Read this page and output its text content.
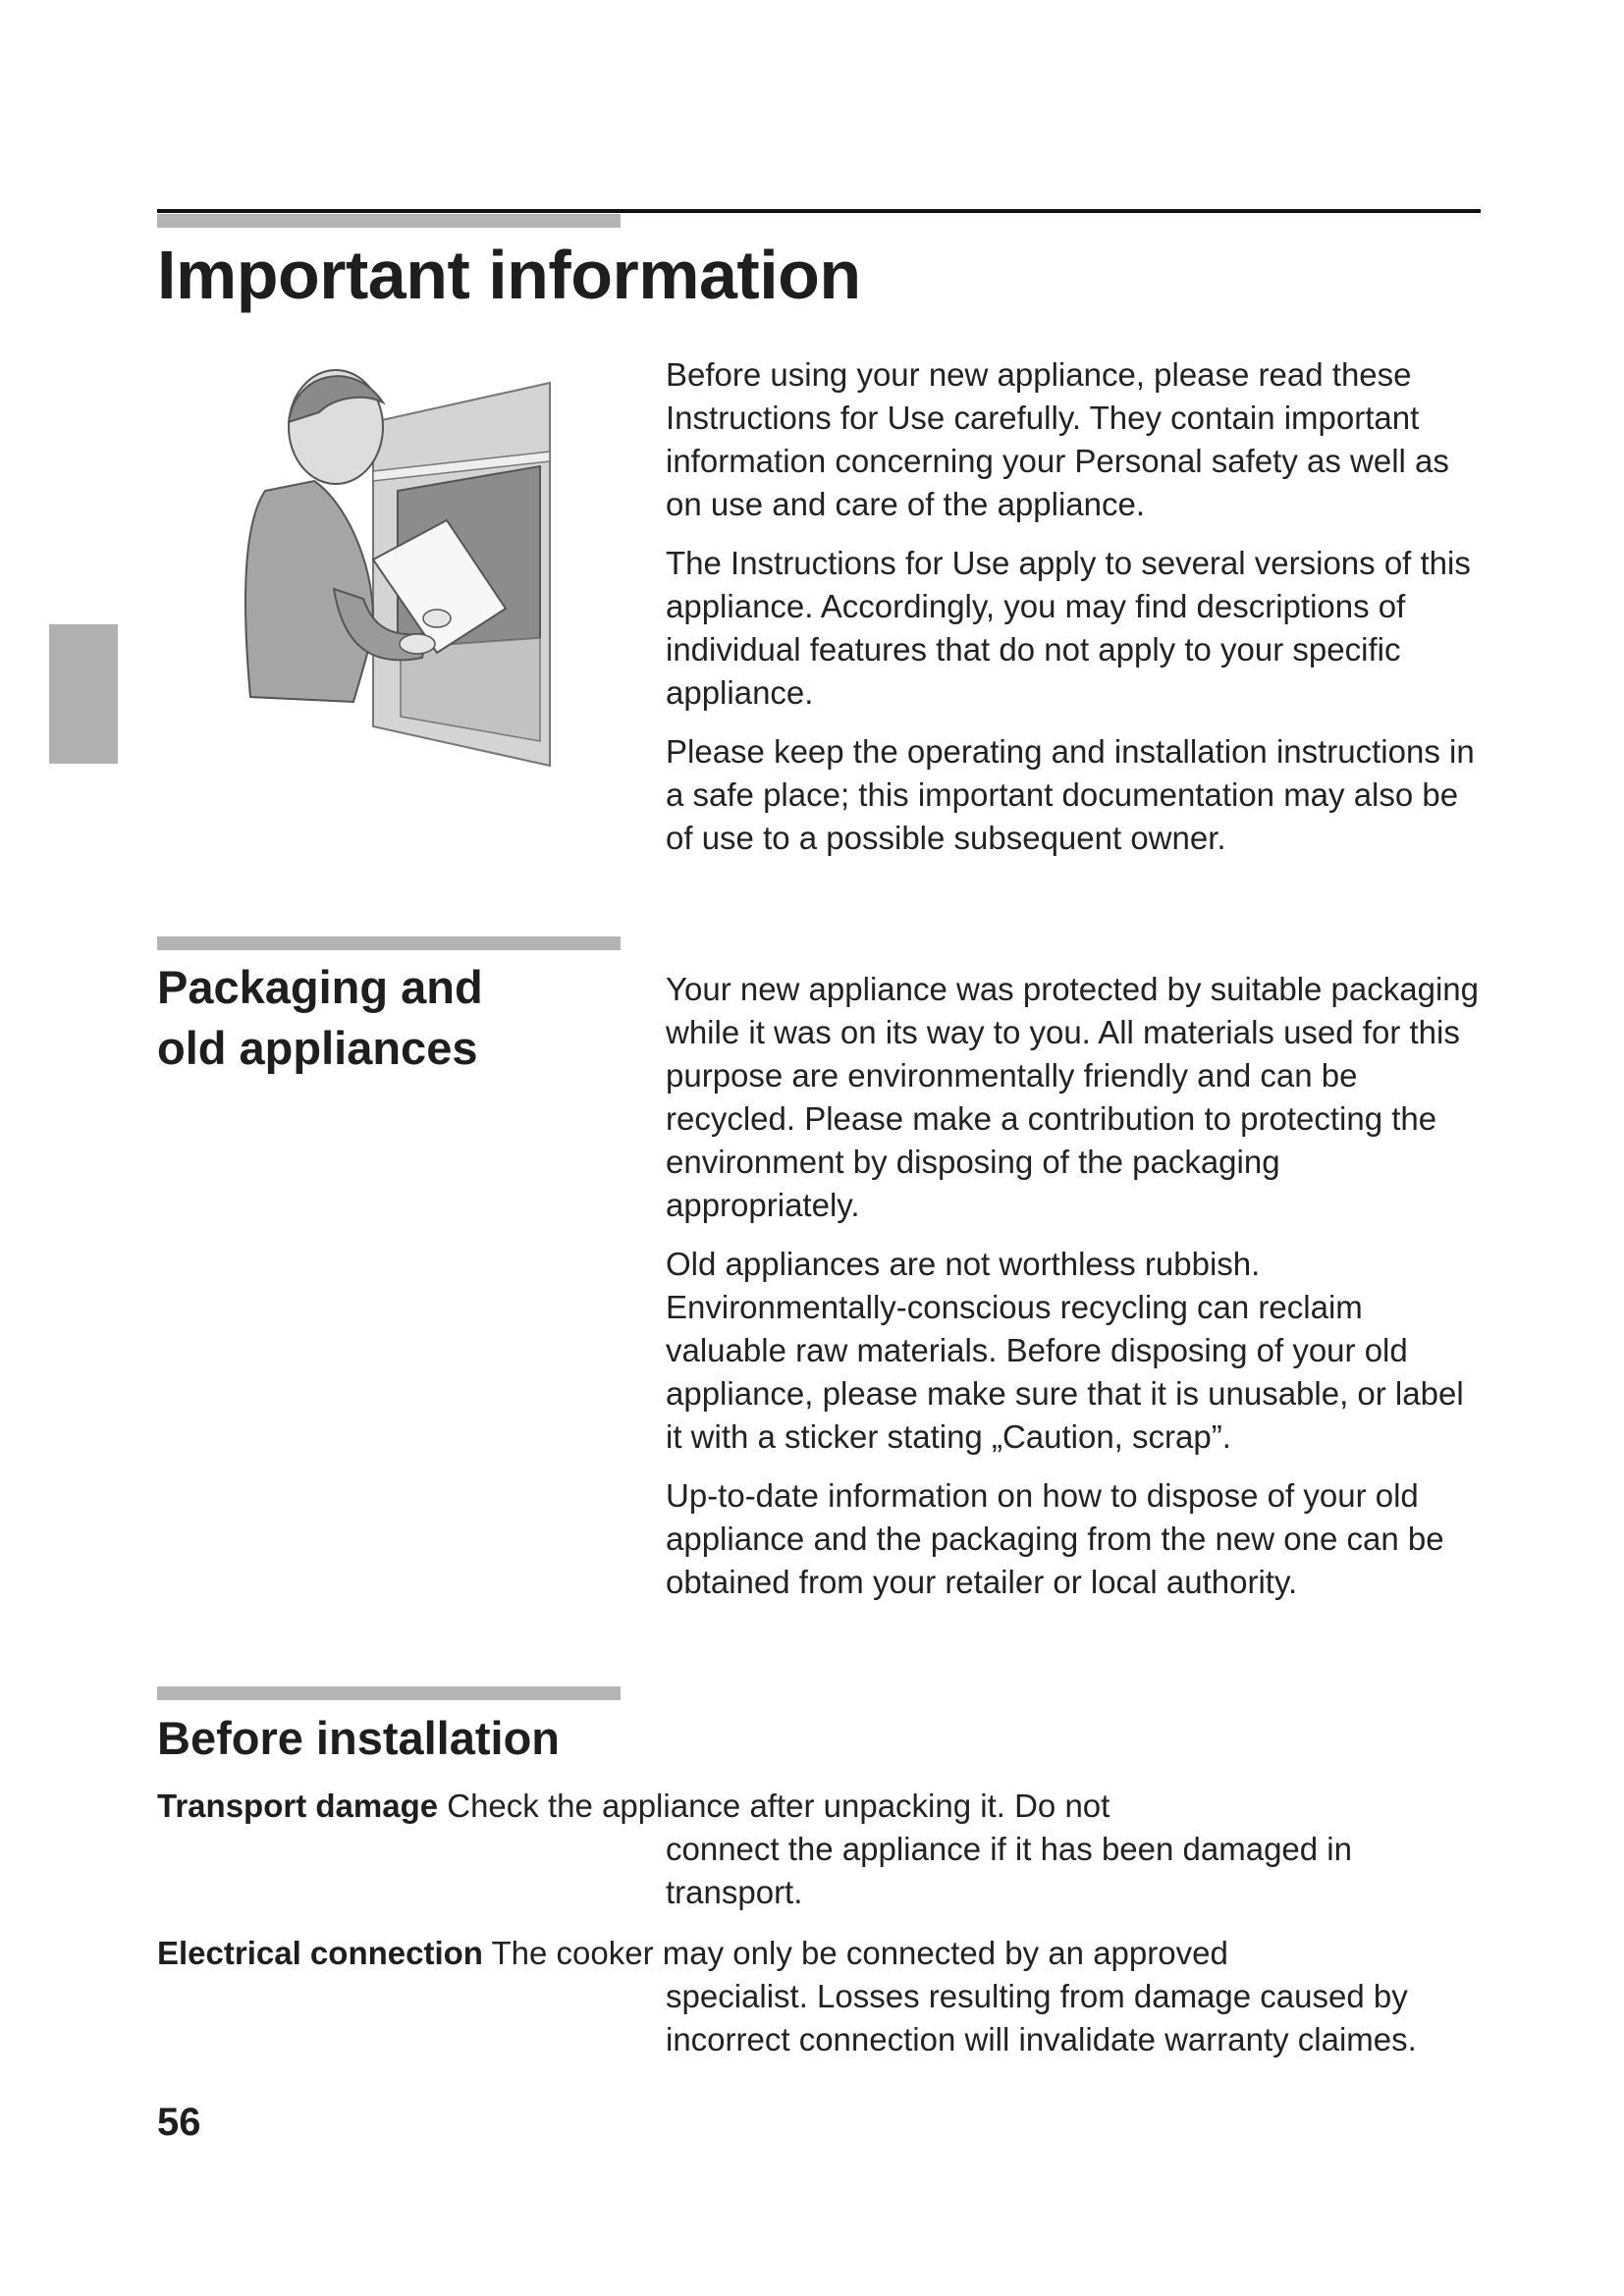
Important information

Before using your new appliance, please read these Instructions for Use carefully. They contain important information concerning your Personal safety as well as on use and care of the appliance.

The Instructions for Use apply to several versions of this appliance. Accordingly, you may find descriptions of individual features that do not apply to your specific appliance.

Please keep the operating and installation instructions in a safe place; this important documentation may also be of use to a possible subsequent owner.

Packaging and
old appliances

Your new appliance was protected by suitable packaging while it was on its way to you. All materials used for this purpose are environmentally friendly and can be recycled. Please make a contribution to protecting the environment by disposing of the packaging appropriately.

Old appliances are not worthless rubbish. Environmentally-conscious recycling can reclaim valuable raw materials. Before disposing of your old appliance, please make sure that it is unusable, or label it with a sticker stating „Caution, scrap”.

Up-to-date information on how to dispose of your old appliance and the packaging from the new one can be obtained from your retailer or local authority.

Before installation
Transport damage Check the appliance after unpacking it. Do not
connect the appliance if it has been damaged in transport.
Electrical connection The cooker may only be connected by an approved
specialist. Losses resulting from damage caused by incorrect connection will invalidate warranty claimes.
56
